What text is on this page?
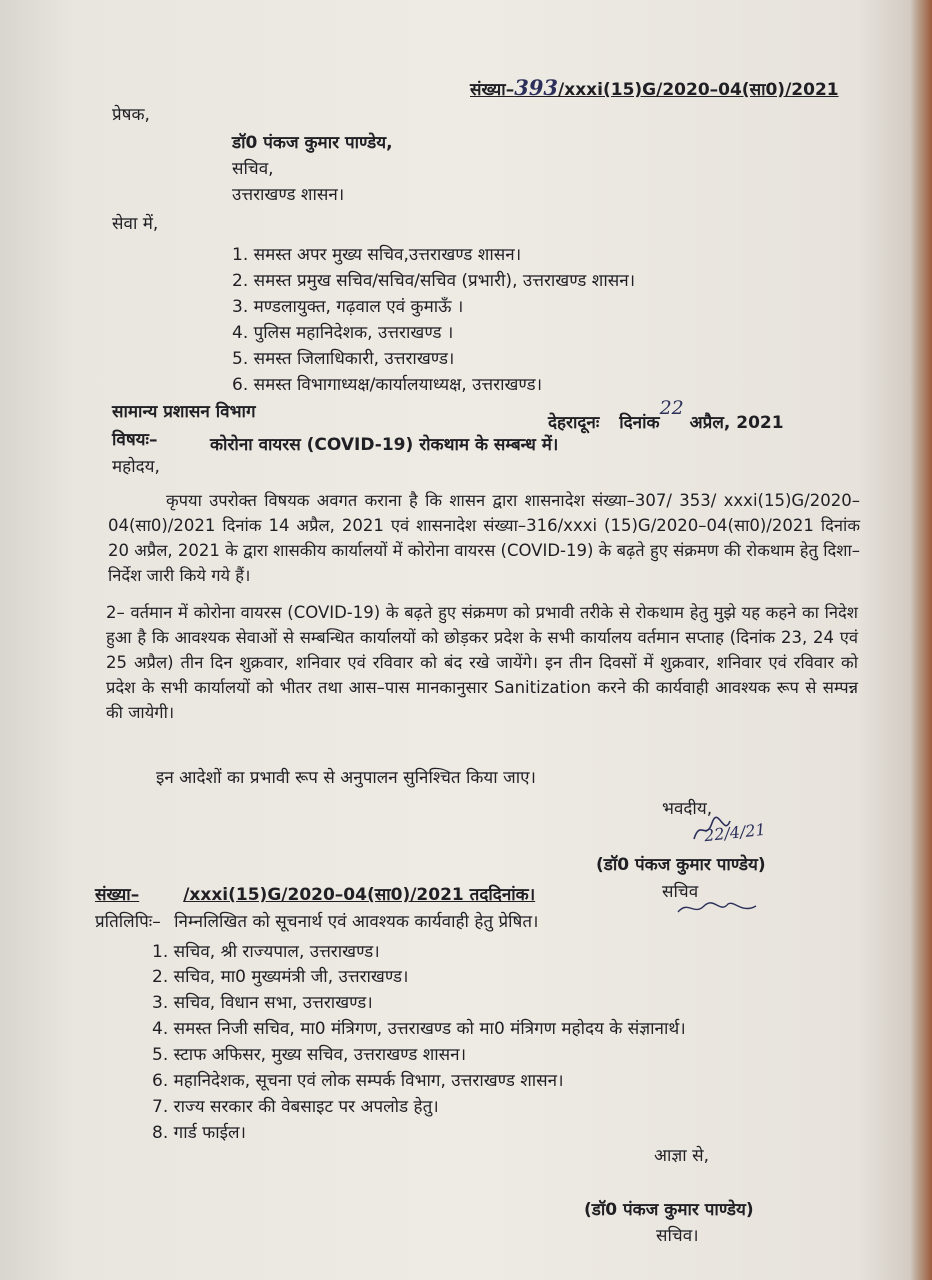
संख्या–393/xxxi(15)G/2020–04(सा0)/2021
प्रेषक,
डॉ0 पंकज कुमार पाण्डेय,
सचिव,
उत्तराखण्ड शासन।
सेवा में,
1. समस्त अपर मुख्य सचिव,उत्तराखण्ड शासन।
2. समस्त प्रमुख सचिव/सचिव/सचिव (प्रभारी), उत्तराखण्ड शासन।
3. मण्डलायुक्त, गढ़वाल एवं कुमाऊँ ।
4. पुलिस महानिदेशक, उत्तराखण्ड ।
5. समस्त जिलाधिकारी, उत्तराखण्ड।
6. समस्त विभागाध्यक्ष/कार्यालयाध्यक्ष, उत्तराखण्ड।
सामान्य प्रशासन विभाग
देहरादूनः दिनांक22 अप्रैल, 2021
विषयः–	कोरोना वायरस (COVID-19) रोकथाम के सम्बन्ध में।
महोदय,
कृपया उपरोक्त विषयक अवगत कराना है कि शासन द्वारा शासनादेश संख्या–307/ 353/ xxxi(15)G/2020–04(सा0)/2021 दिनांक 14 अप्रैल, 2021 एवं शासनादेश संख्या–316/xxxi (15)G/2020–04(सा0)/2021 दिनांक 20 अप्रैल, 2021 के द्वारा शासकीय कार्यालयों में कोरोना वायरस (COVID-19) के बढ़ते हुए संक्रमण की रोकथाम हेतु दिशा–निर्देश जारी किये गये हैं।
2– वर्तमान में कोरोना वायरस (COVID-19) के बढ़ते हुए संक्रमण को प्रभावी तरीके से रोकथाम हेतु मुझे यह कहने का निदेश हुआ है कि आवश्यक सेवाओं से सम्बन्धित कार्यालयों को छोड़कर प्रदेश के सभी कार्यालय वर्तमान सप्ताह (दिनांक 23, 24 एवं 25 अप्रैल) तीन दिन शुक्रवार, शनिवार एवं रविवार को बंद रखे जायेंगे। इन तीन दिवसों में शुक्रवार, शनिवार एवं रविवार को प्रदेश के सभी कार्यालयों को भीतर तथा आस–पास मानकानुसार Sanitization करने की कार्यवाही आवश्यक रूप से सम्पन्न की जायेगी।
इन आदेशों का प्रभावी रूप से अनुपालन सुनिश्चित किया जाए।
भवदीय,
22/4/21
(डॉ0 पंकज कुमार पाण्डेय)
सचिव
संख्या–	/xxxi(15)G/2020–04(सा0)/2021 तददिनांक।
प्रतिलिपिः– निम्नलिखित को सूचनार्थ एवं आवश्यक कार्यवाही हेतु प्रेषित।
1. सचिव, श्री राज्यपाल, उत्तराखण्ड।
2. सचिव, मा0 मुख्यमंत्री जी, उत्तराखण्ड।
3. सचिव, विधान सभा, उत्तराखण्ड।
4. समस्त निजी सचिव, मा0 मंत्रिगण, उत्तराखण्ड को मा0 मंत्रिगण महोदय के संज्ञानार्थ।
5. स्टाफ अफिसर, मुख्य सचिव, उत्तराखण्ड शासन।
6. महानिदेशक, सूचना एवं लोक सम्पर्क विभाग, उत्तराखण्ड शासन।
7. राज्य सरकार की वेबसाइट पर अपलोड हेतु।
8. गार्ड फाईल।
आज्ञा से,
(डॉ0 पंकज कुमार पाण्डेय)
सचिव।
